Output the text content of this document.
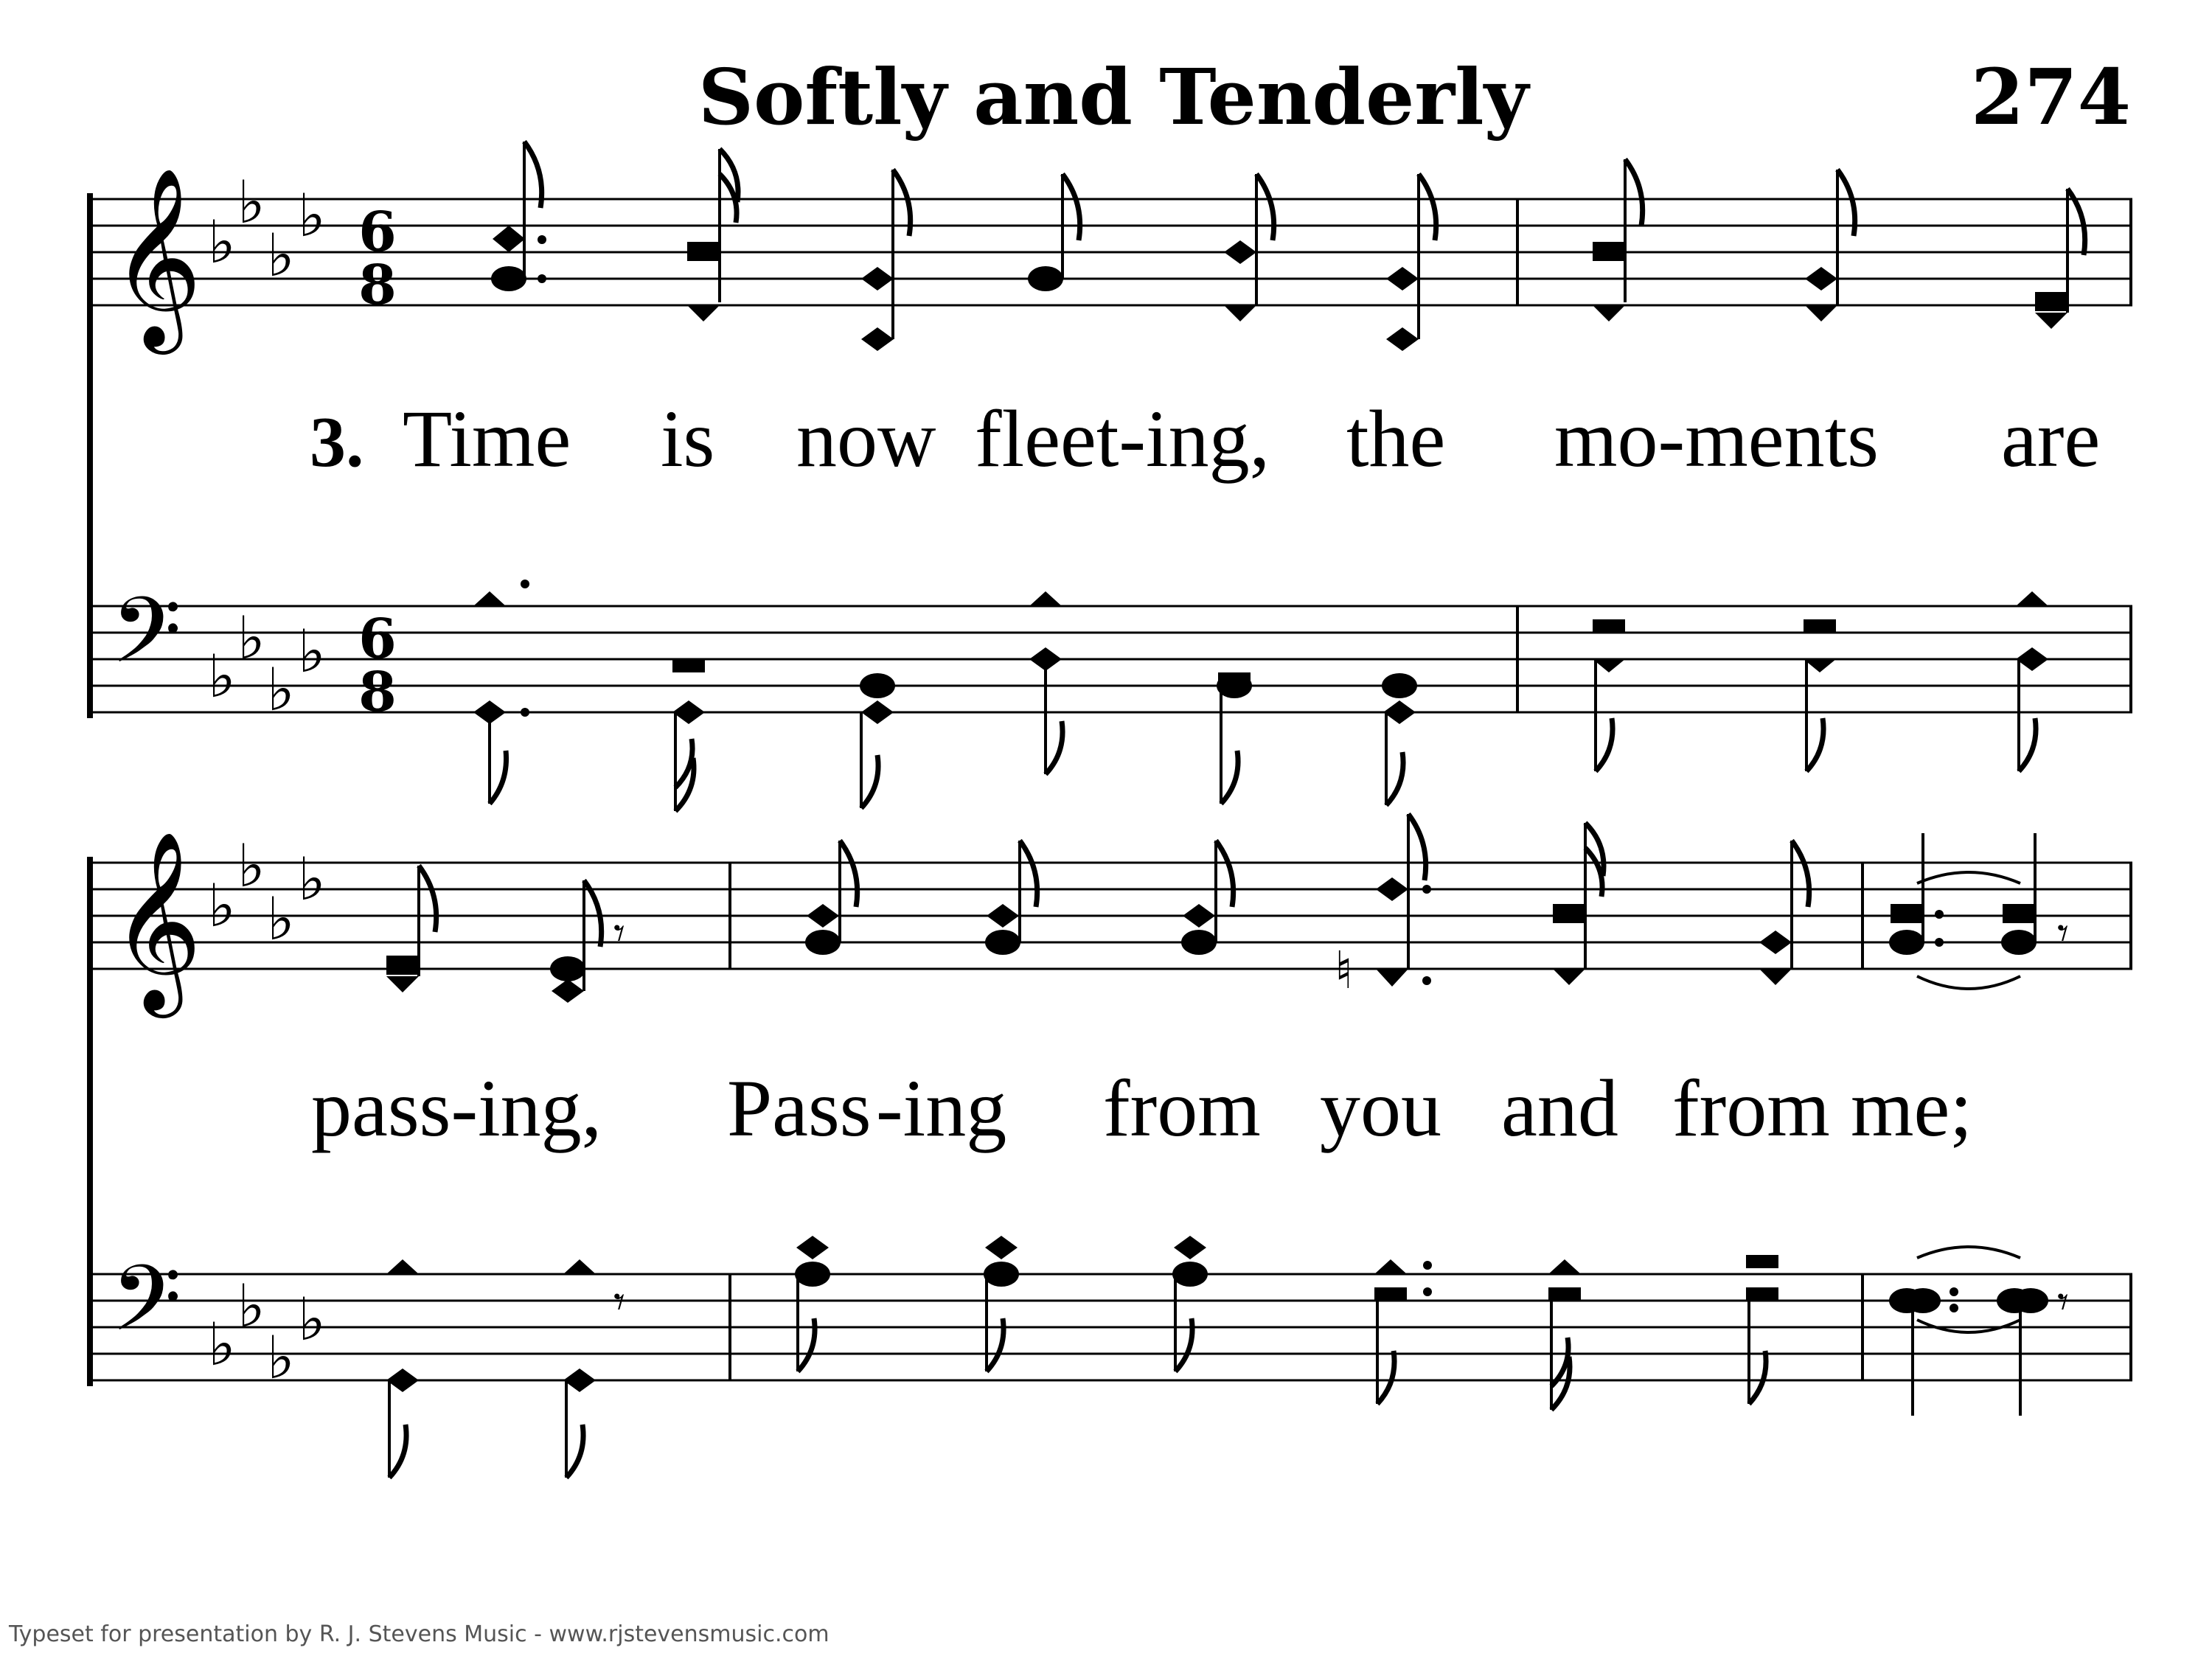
Softly and Tenderly	274
𝄞
𝄢
♭
♭
♭
♭
♭
♭
♭
♭
6
8
6
8
3. Time is now fleet-ing, the mo-ments are
𝄞
𝄢
♭
♭
♭
♭
♭
♭
♭
♭
𝄾
♮
𝄾
𝄾	𝄾
pass-ing, Pass -ing from you and from me;
Typeset for presentation by R. J. Stevens Music - www.rjstevensmusic.com
